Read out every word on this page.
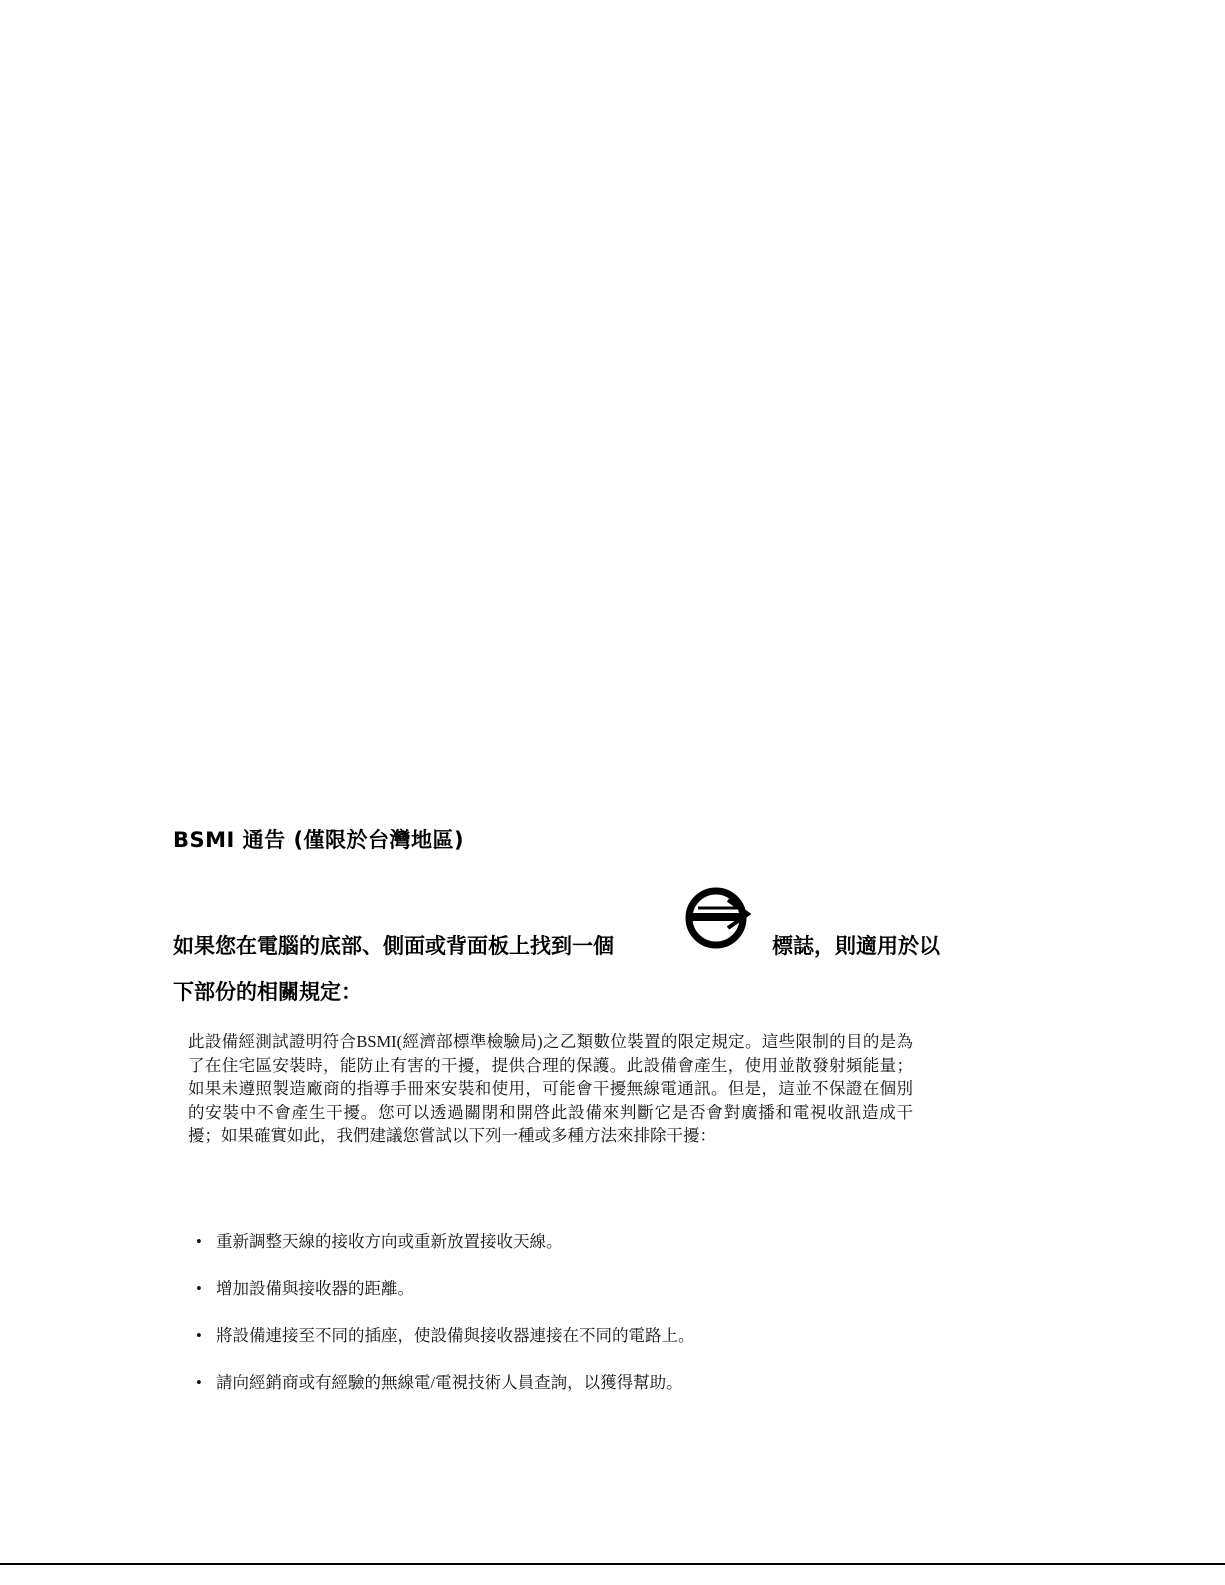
BSMI 通告 (僅限於台灣地區)
如果您在電腦的底部、側面或背面板上找到一個	標誌，則適用於以
下部份的相關規定：
此設備經測試證明符合BSMI(經濟部標準檢驗局)之乙類數位裝置的限定規定。這些限制的目的是為了在住宅區安裝時，能防止有害的干擾，提供合理的保護。此設備會產生，使用並散發射頻能量；如果未遵照製造廠商的指導手冊來安裝和使用，可能會干擾無線電通訊。但是，這並不保證在個別的安裝中不會產生干擾。您可以透過關閉和開啓此設備來判斷它是否會對廣播和電視收訊造成干擾；如果確實如此，我們建議您嘗試以下列一種或多種方法來排除干擾：
• 重新調整天線的接收方向或重新放置接收天線。
• 增加設備與接收器的距離。
• 將設備連接至不同的插座，使設備與接收器連接在不同的電路上。
• 請向經銷商或有經驗的無線電/電視技術人員查詢，以獲得幫助。
